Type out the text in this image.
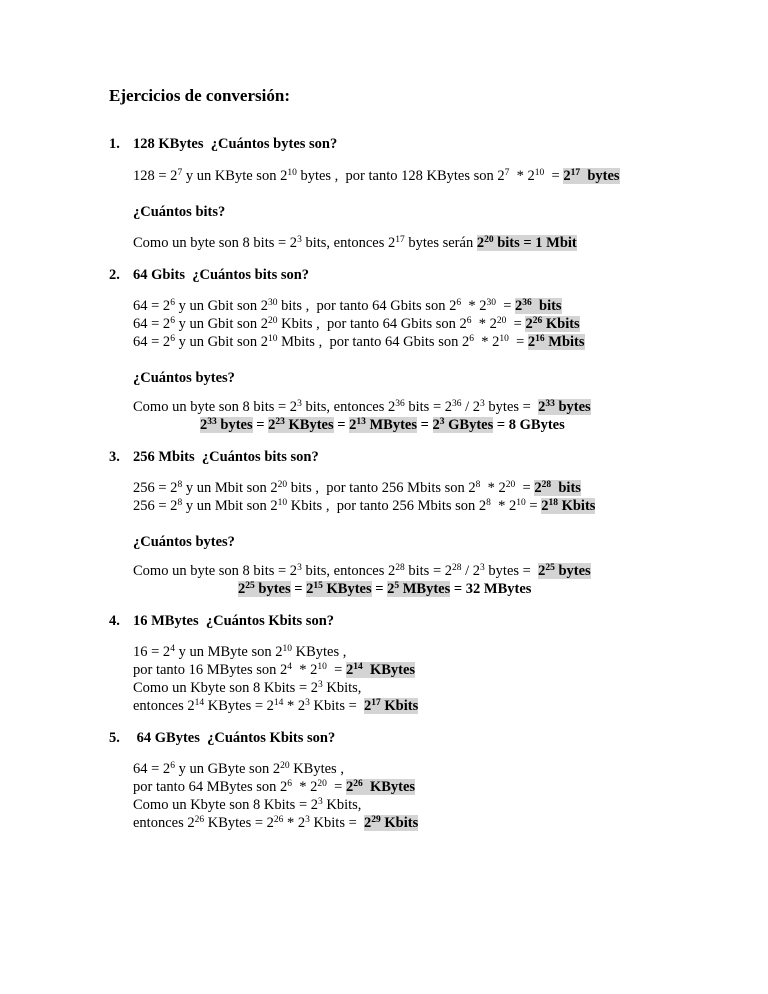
Ejercicios de conversión:
1. 128 KBytes  ¿Cuántos bytes son?
$128 = 2^7$ y un KByte son $2^{10}$ bytes ,  por tanto 128 KBytes son $2^7 * 2^{10} = 2^{17}$  bytes
¿Cuántos bits?
Como un byte son 8 bits = $2^3$ bits, entonces $2^{17}$ bytes serán $2^{20}$ bits = 1 Mbit
2. 64 Gbits  ¿Cuántos bits son?
$64 = 2^6$ y un Gbit son $2^{30}$ bits ,  por tanto 64 Gbits son $2^6 * 2^{30} = 2^{36}$  bits
$64 = 2^6$ y un Gbit son $2^{20}$ Kbits ,  por tanto 64 Gbits son $2^6 * 2^{20} = 2^{26}$ Kbits
$64 = 2^6$ y un Gbit son $2^{10}$ Mbits ,  por tanto 64 Gbits son $2^6 * 2^{10} = 2^{16}$ Mbits
¿Cuántos bytes?
Como un byte son 8 bits = $2^3$ bits, entonces $2^{36}$ bits = $2^{36} / 2^3$ bytes =  $2^{33}$ bytes
$2^{33}$ bytes = $2^{23}$ KBytes = $2^{13}$ MBytes = $2^3$ GBytes = 8 GBytes
3. 256 Mbits  ¿Cuántos bits son?
$256 = 2^8$ y un Mbit son $2^{20}$ bits ,  por tanto 256 Mbits son $2^8 * 2^{20} = 2^{28}$  bits
$256 = 2^8$ y un Mbit son $2^{10}$ Kbits ,  por tanto 256 Mbits son $2^8 * 2^{10} = 2^{18}$ Kbits
¿Cuántos bytes?
Como un byte son 8 bits = $2^3$ bits, entonces $2^{28}$ bits = $2^{28} / 2^3$ bytes =  $2^{25}$ bytes
$2^{25}$ bytes = $2^{15}$ KBytes = $2^5$ MBytes = 32 MBytes
4. 16 MBytes  ¿Cuántos Kbits son?
$16 = 2^4$ y un MByte son $2^{10}$ KBytes ,
por tanto 16 MBytes son $2^4 * 2^{10} = 2^{14}$  KBytes
Como un Kbyte son 8 Kbits = $2^3$ Kbits,
entonces $2^{14}$ KBytes = $2^{14} * 2^3$ Kbits =  $2^{17}$ Kbits
5. 64 GBytes  ¿Cuántos Kbits son?
$64 = 2^6$ y un GByte son $2^{20}$ KBytes ,
por tanto 64 MBytes son $2^6 * 2^{20} = 2^{26}$  KBytes
Como un Kbyte son 8 Kbits = $2^3$ Kbits,
entonces $2^{26}$ KBytes = $2^{26} * 2^3$ Kbits =  $2^{29}$ Kbits
